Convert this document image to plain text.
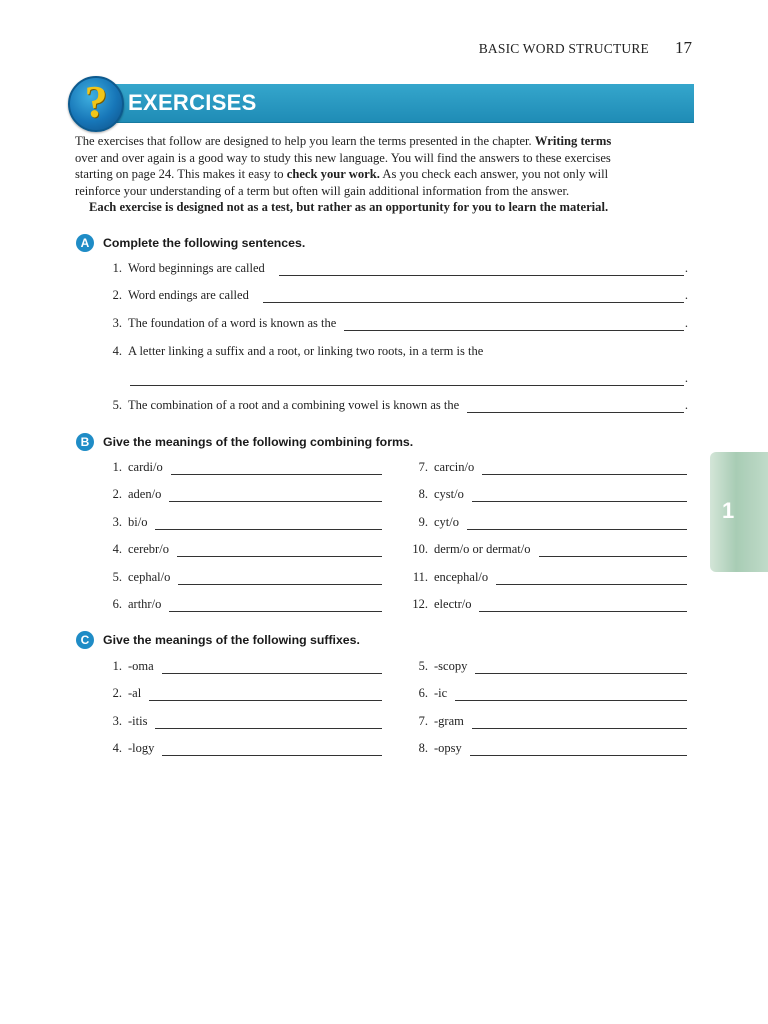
BASIC WORD STRUCTURE 17
EXERCISES
?
The exercises that follow are designed to help you learn the terms presented in the chapter. Writing terms
over and over again is a good way to study this new language. You will find the answers to these exercises
starting on page 24. This makes it easy to check your work. As you check each answer, you not only will
reinforce your understanding of a term but often will gain additional information from the answer.
Each exercise is designed not as a test, but rather as an opportunity for you to learn the material.
A	Complete the following sentences.
1. Word beginnings are called	.
2. Word endings are called	.
3. The foundation of a word is known as the	.
4. A letter linking a suffix and a root, or linking two roots, in a term is the
.
5. The combination of a root and a combining vowel is known as the	.
B	Give the meanings of the following combining forms.
1. cardi/o
2. aden/o
3. bi/o
4. cerebr/o
5. cephal/o
6. arthr/o
7. carcin/o
8. cyst/o
9. cyt/o
10. derm/o or dermat/o
11. encephal/o
12. electr/o
C	Give the meanings of the following suffixes.
1. -oma
2. -al
3. -itis
4. -logy
5. -scopy
6. -ic
7. -gram
8. -opsy
1
